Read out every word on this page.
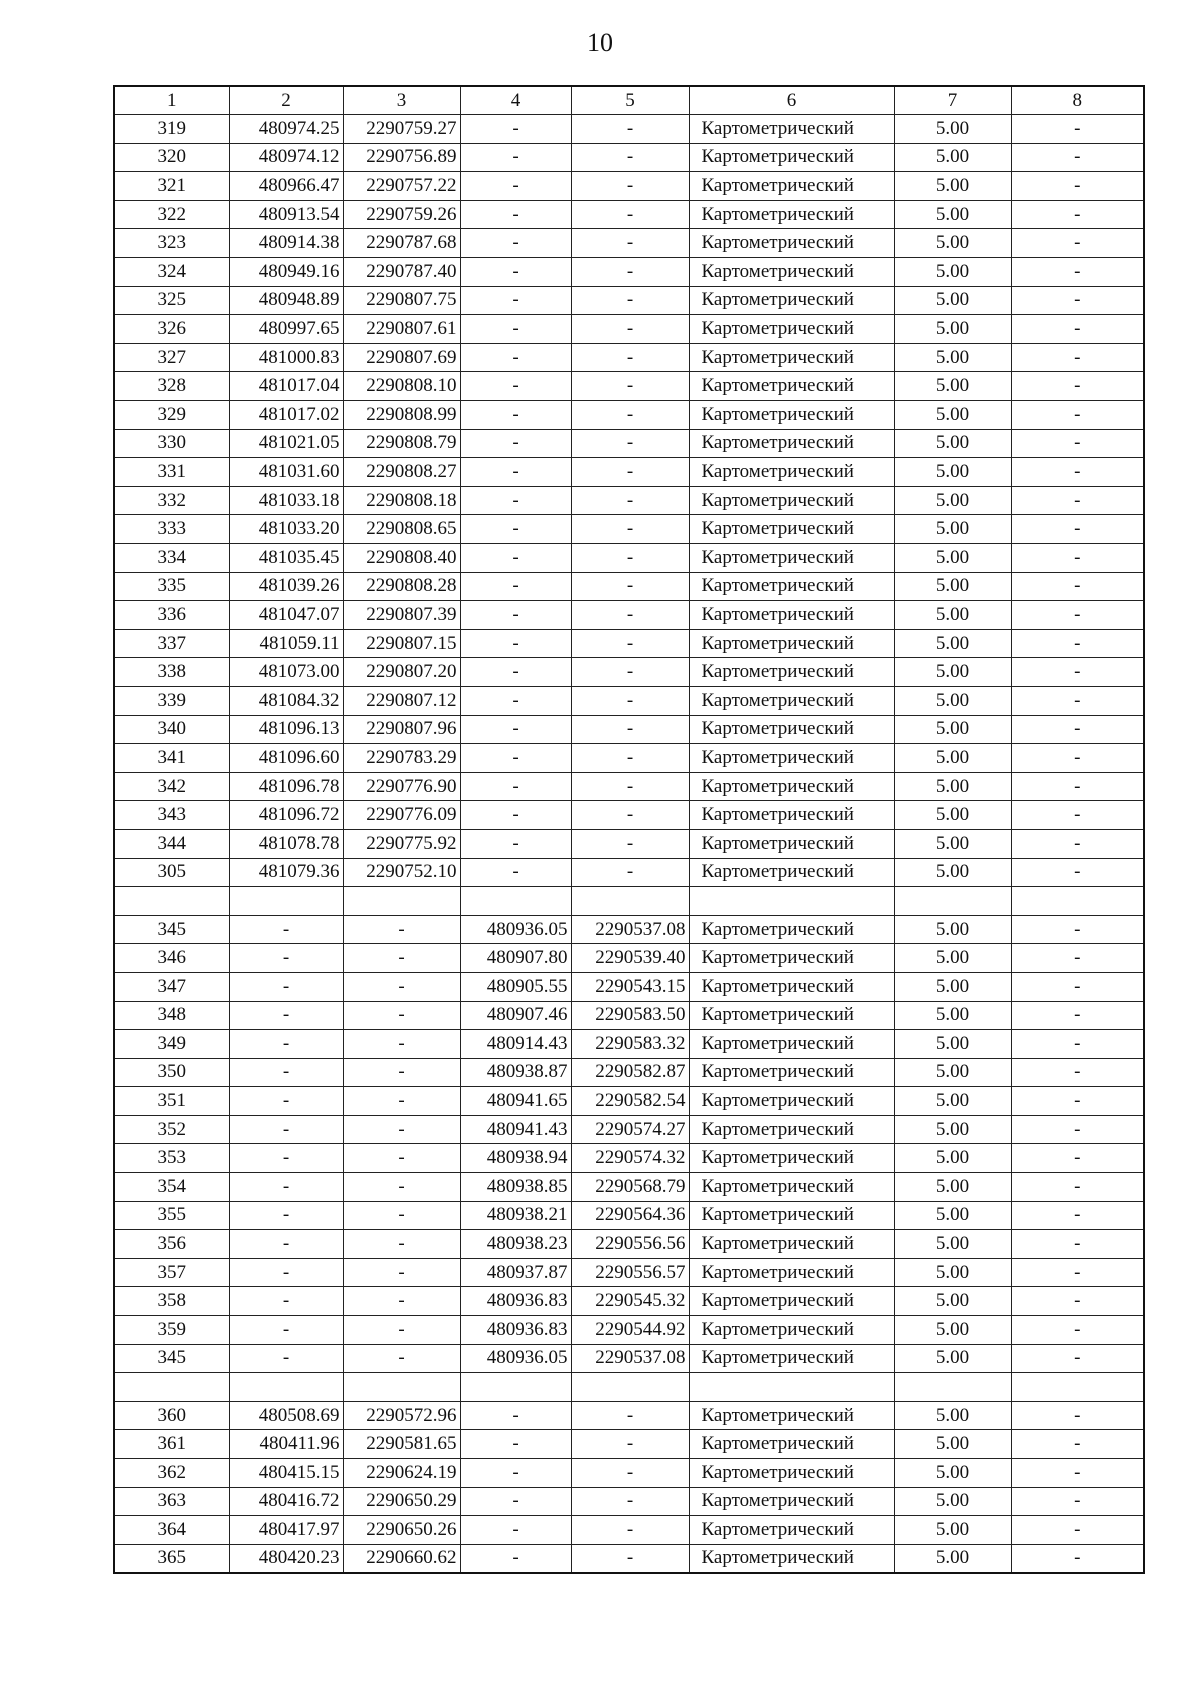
10
1	2	3	4	5	6	7	8
319	480974.25	2290759.27	-	-	Картометрический	5.00	-
320	480974.12	2290756.89	-	-	Картометрический	5.00	-
321	480966.47	2290757.22	-	-	Картометрический	5.00	-
322	480913.54	2290759.26	-	-	Картометрический	5.00	-
323	480914.38	2290787.68	-	-	Картометрический	5.00	-
324	480949.16	2290787.40	-	-	Картометрический	5.00	-
325	480948.89	2290807.75	-	-	Картометрический	5.00	-
326	480997.65	2290807.61	-	-	Картометрический	5.00	-
327	481000.83	2290807.69	-	-	Картометрический	5.00	-
328	481017.04	2290808.10	-	-	Картометрический	5.00	-
329	481017.02	2290808.99	-	-	Картометрический	5.00	-
330	481021.05	2290808.79	-	-	Картометрический	5.00	-
331	481031.60	2290808.27	-	-	Картометрический	5.00	-
332	481033.18	2290808.18	-	-	Картометрический	5.00	-
333	481033.20	2290808.65	-	-	Картометрический	5.00	-
334	481035.45	2290808.40	-	-	Картометрический	5.00	-
335	481039.26	2290808.28	-	-	Картометрический	5.00	-
336	481047.07	2290807.39	-	-	Картометрический	5.00	-
337	481059.11	2290807.15	-	-	Картометрический	5.00	-
338	481073.00	2290807.20	-	-	Картометрический	5.00	-
339	481084.32	2290807.12	-	-	Картометрический	5.00	-
340	481096.13	2290807.96	-	-	Картометрический	5.00	-
341	481096.60	2290783.29	-	-	Картометрический	5.00	-
342	481096.78	2290776.90	-	-	Картометрический	5.00	-
343	481096.72	2290776.09	-	-	Картометрический	5.00	-
344	481078.78	2290775.92	-	-	Картометрический	5.00	-
305	481079.36	2290752.10	-	-	Картометрический	5.00	-

345	-	-	480936.05	2290537.08	Картометрический	5.00	-
346	-	-	480907.80	2290539.40	Картометрический	5.00	-
347	-	-	480905.55	2290543.15	Картометрический	5.00	-
348	-	-	480907.46	2290583.50	Картометрический	5.00	-
349	-	-	480914.43	2290583.32	Картометрический	5.00	-
350	-	-	480938.87	2290582.87	Картометрический	5.00	-
351	-	-	480941.65	2290582.54	Картометрический	5.00	-
352	-	-	480941.43	2290574.27	Картометрический	5.00	-
353	-	-	480938.94	2290574.32	Картометрический	5.00	-
354	-	-	480938.85	2290568.79	Картометрический	5.00	-
355	-	-	480938.21	2290564.36	Картометрический	5.00	-
356	-	-	480938.23	2290556.56	Картометрический	5.00	-
357	-	-	480937.87	2290556.57	Картометрический	5.00	-
358	-	-	480936.83	2290545.32	Картометрический	5.00	-
359	-	-	480936.83	2290544.92	Картометрический	5.00	-
345	-	-	480936.05	2290537.08	Картометрический	5.00	-

360	480508.69	2290572.96	-	-	Картометрический	5.00	-
361	480411.96	2290581.65	-	-	Картометрический	5.00	-
362	480415.15	2290624.19	-	-	Картометрический	5.00	-
363	480416.72	2290650.29	-	-	Картометрический	5.00	-
364	480417.97	2290650.26	-	-	Картометрический	5.00	-
365	480420.23	2290660.62	-	-	Картометрический	5.00	-
